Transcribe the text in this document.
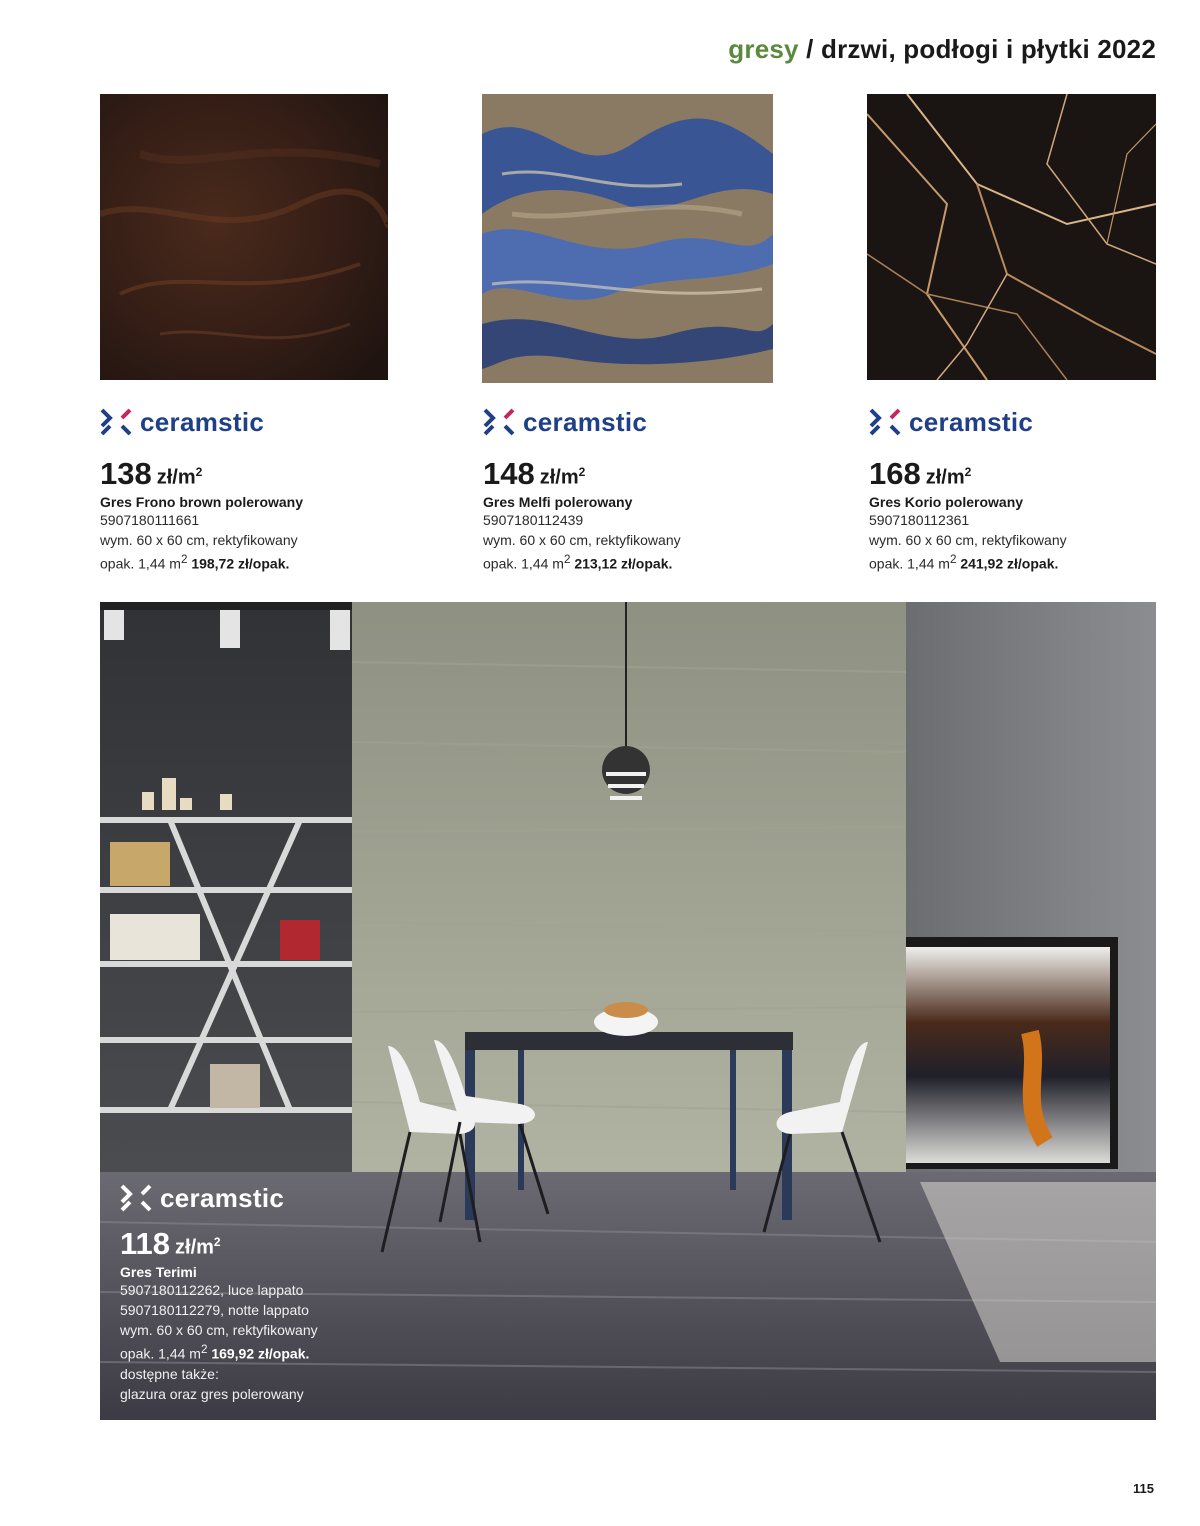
gresy / drzwi, podłogi i płytki 2022
ceramstic
138 $zł/m^2$
Gres Frono brown polerowany
5907180111661
wym. 60 x 60 cm, rektyfikowany
opak. 1,44 $m^2$ 198,72 zł/opak.
ceramstic
148 $zł/m^2$
Gres Melfi polerowany
5907180112439
wym. 60 x 60 cm, rektyfikowany
opak. 1,44 $m^2$ 213,12 zł/opak.
ceramstic
168 $zł/m^2$
Gres Korio polerowany
5907180112361
wym. 60 x 60 cm, rektyfikowany
opak. 1,44 $m^2$ 241,92 zł/opak.
ceramstic
118 $zł/m^2$
Gres Terimi
5907180112262, luce lappato
5907180112279, notte lappato
wym. 60 x 60 cm, rektyfikowany
opak. 1,44 $m^2$ 169,92 zł/opak.
dostępne także:
glazura oraz gres polerowany
115
